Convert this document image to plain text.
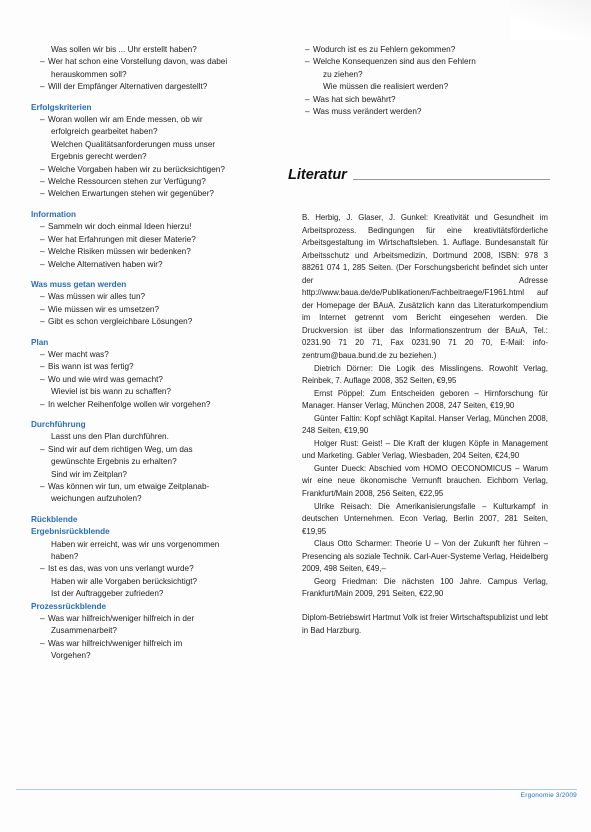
Was sollen wir bis ... Uhr erstellt haben?
– Wer hat schon eine Vorstellung davon, was dabei
herauskommen soll?
– Will der Empfänger Alternativen dargestellt?
Erfolgskriterien
– Woran wollen wir am Ende messen, ob wir
erfolgreich gearbeitet haben?
Welchen Qualitätsanforderungen muss unser
Ergebnis gerecht werden?
– Welche Vorgaben haben wir zu berücksichtigen?
– Welche Ressourcen stehen zur Verfügung?
– Welchen Erwartungen stehen wir gegenüber?
Information
– Sammeln wir doch einmal Ideen hierzu!
– Wer hat Erfahrungen mit dieser Materie?
– Welche Risiken müssen wir bedenken?
– Welche Alternativen haben wir?
Was muss getan werden
– Was müssen wir alles tun?
– Wie müssen wir es umsetzen?
– Gibt es schon vergleichbare Lösungen?
Plan
– Wer macht was?
– Bis wann ist was fertig?
– Wo und wie wird was gemacht?
Wieviel ist bis wann zu schaffen?
– In welcher Reihenfolge wollen wir vorgehen?
Durchführung
Lasst uns den Plan durchführen.
– Sind wir auf dem richtigen Weg, um das
gewünschte Ergebnis zu erhalten?
Sind wir im Zeitplan?
– Was können wir tun, um etwaige Zeitplanab-
weichungen aufzuholen?
Rückblende
Ergebnisrückblende
Haben wir erreicht, was wir uns vorgenommen
haben?
– Ist es das, was von uns verlangt wurde?
Haben wir alle Vorgaben berücksichtigt?
Ist der Auftraggeber zufrieden?
Prozessrückblende
– Was war hilfreich/weniger hilfreich in der
Zusammenarbeit?
– Was war hilfreich/weniger hilfreich im
Vorgehen?
– Wodurch ist es zu Fehlern gekommen?
– Welche Konsequenzen sind aus den Fehlern
zu ziehen?
Wie müssen die realisiert werden?
– Was hat sich bewährt?
– Was muss verändert werden?
Literatur

B. Herbig, J. Glaser, J. Gunkel: Kreativität und Gesundheit im Arbeitsprozess. Bedingungen für eine kreativitätsförderliche Arbeitsgestaltung im Wirtschaftsleben. 1. Auflage. Bundesanstalt für Arbeitsschutz und Arbeitsmedizin, Dortmund 2008, ISBN: 978 3 88261 074 1, 285 Seiten. (Der Forschungsbericht befindet sich unter der Adresse http://www.baua.de/de/Publikationen/Fachbeitraege/F1961.html auf der Homepage der BAuA. Zusätzlich kann das Literaturkompendium im Internet getrennt vom Bericht eingesehen werden. Die Druckversion ist über das Informationszentrum der BAuA, Tel.: 0231.90 71 20 71, Fax 0231.90 71 20 70, E-Mail: info-zentrum@baua.bund.de zu beziehen.)

Dietrich Dörner: Die Logik des Misslingens. Rowohlt Verlag, Reinbek, 7. Auflage 2008, 352 Seiten, €9,95

Ernst Pöppel: Zum Entscheiden geboren – Hirnforschung für Manager. Hanser Verlag, München 2008, 247 Seiten, €19,90

Günter Faltin: Kopf schlägt Kapital. Hanser Verlag, München 2008, 248 Seiten, €19,90

Holger Rust: Geist! – Die Kraft der klugen Köpfe in Management und Marketing. Gabler Verlag, Wiesbaden, 204 Seiten, €24,90

Gunter Dueck: Abschied vom HOMO OECONOMICUS – Warum wir eine neue ökonomische Vernunft brauchen. Eichborn Verlag, Frankfurt/Main 2008, 256 Seiten, €22,95

Ulrike Reisach: Die Amerikanisierungsfalle – Kulturkampf in deutschen Unternehmen. Econ Verlag, Berlin 2007, 281 Seiten, €19,95

Claus Otto Scharmer: Theorie U – Von der Zukunft her führen – Presencing als soziale Technik. Carl-Auer-Systeme Verlag, Heidelberg 2009, 498 Seiten, €49,–

Georg Friedman: Die nächsten 100 Jahre. Campus Verlag, Frankfurt/Main 2009, 291 Seiten, €22,90

Diplom-Betriebswirt Hartmut Volk ist freier Wirtschaftspublizist und lebt in Bad Harzburg.

Ergonomie 3/2009
